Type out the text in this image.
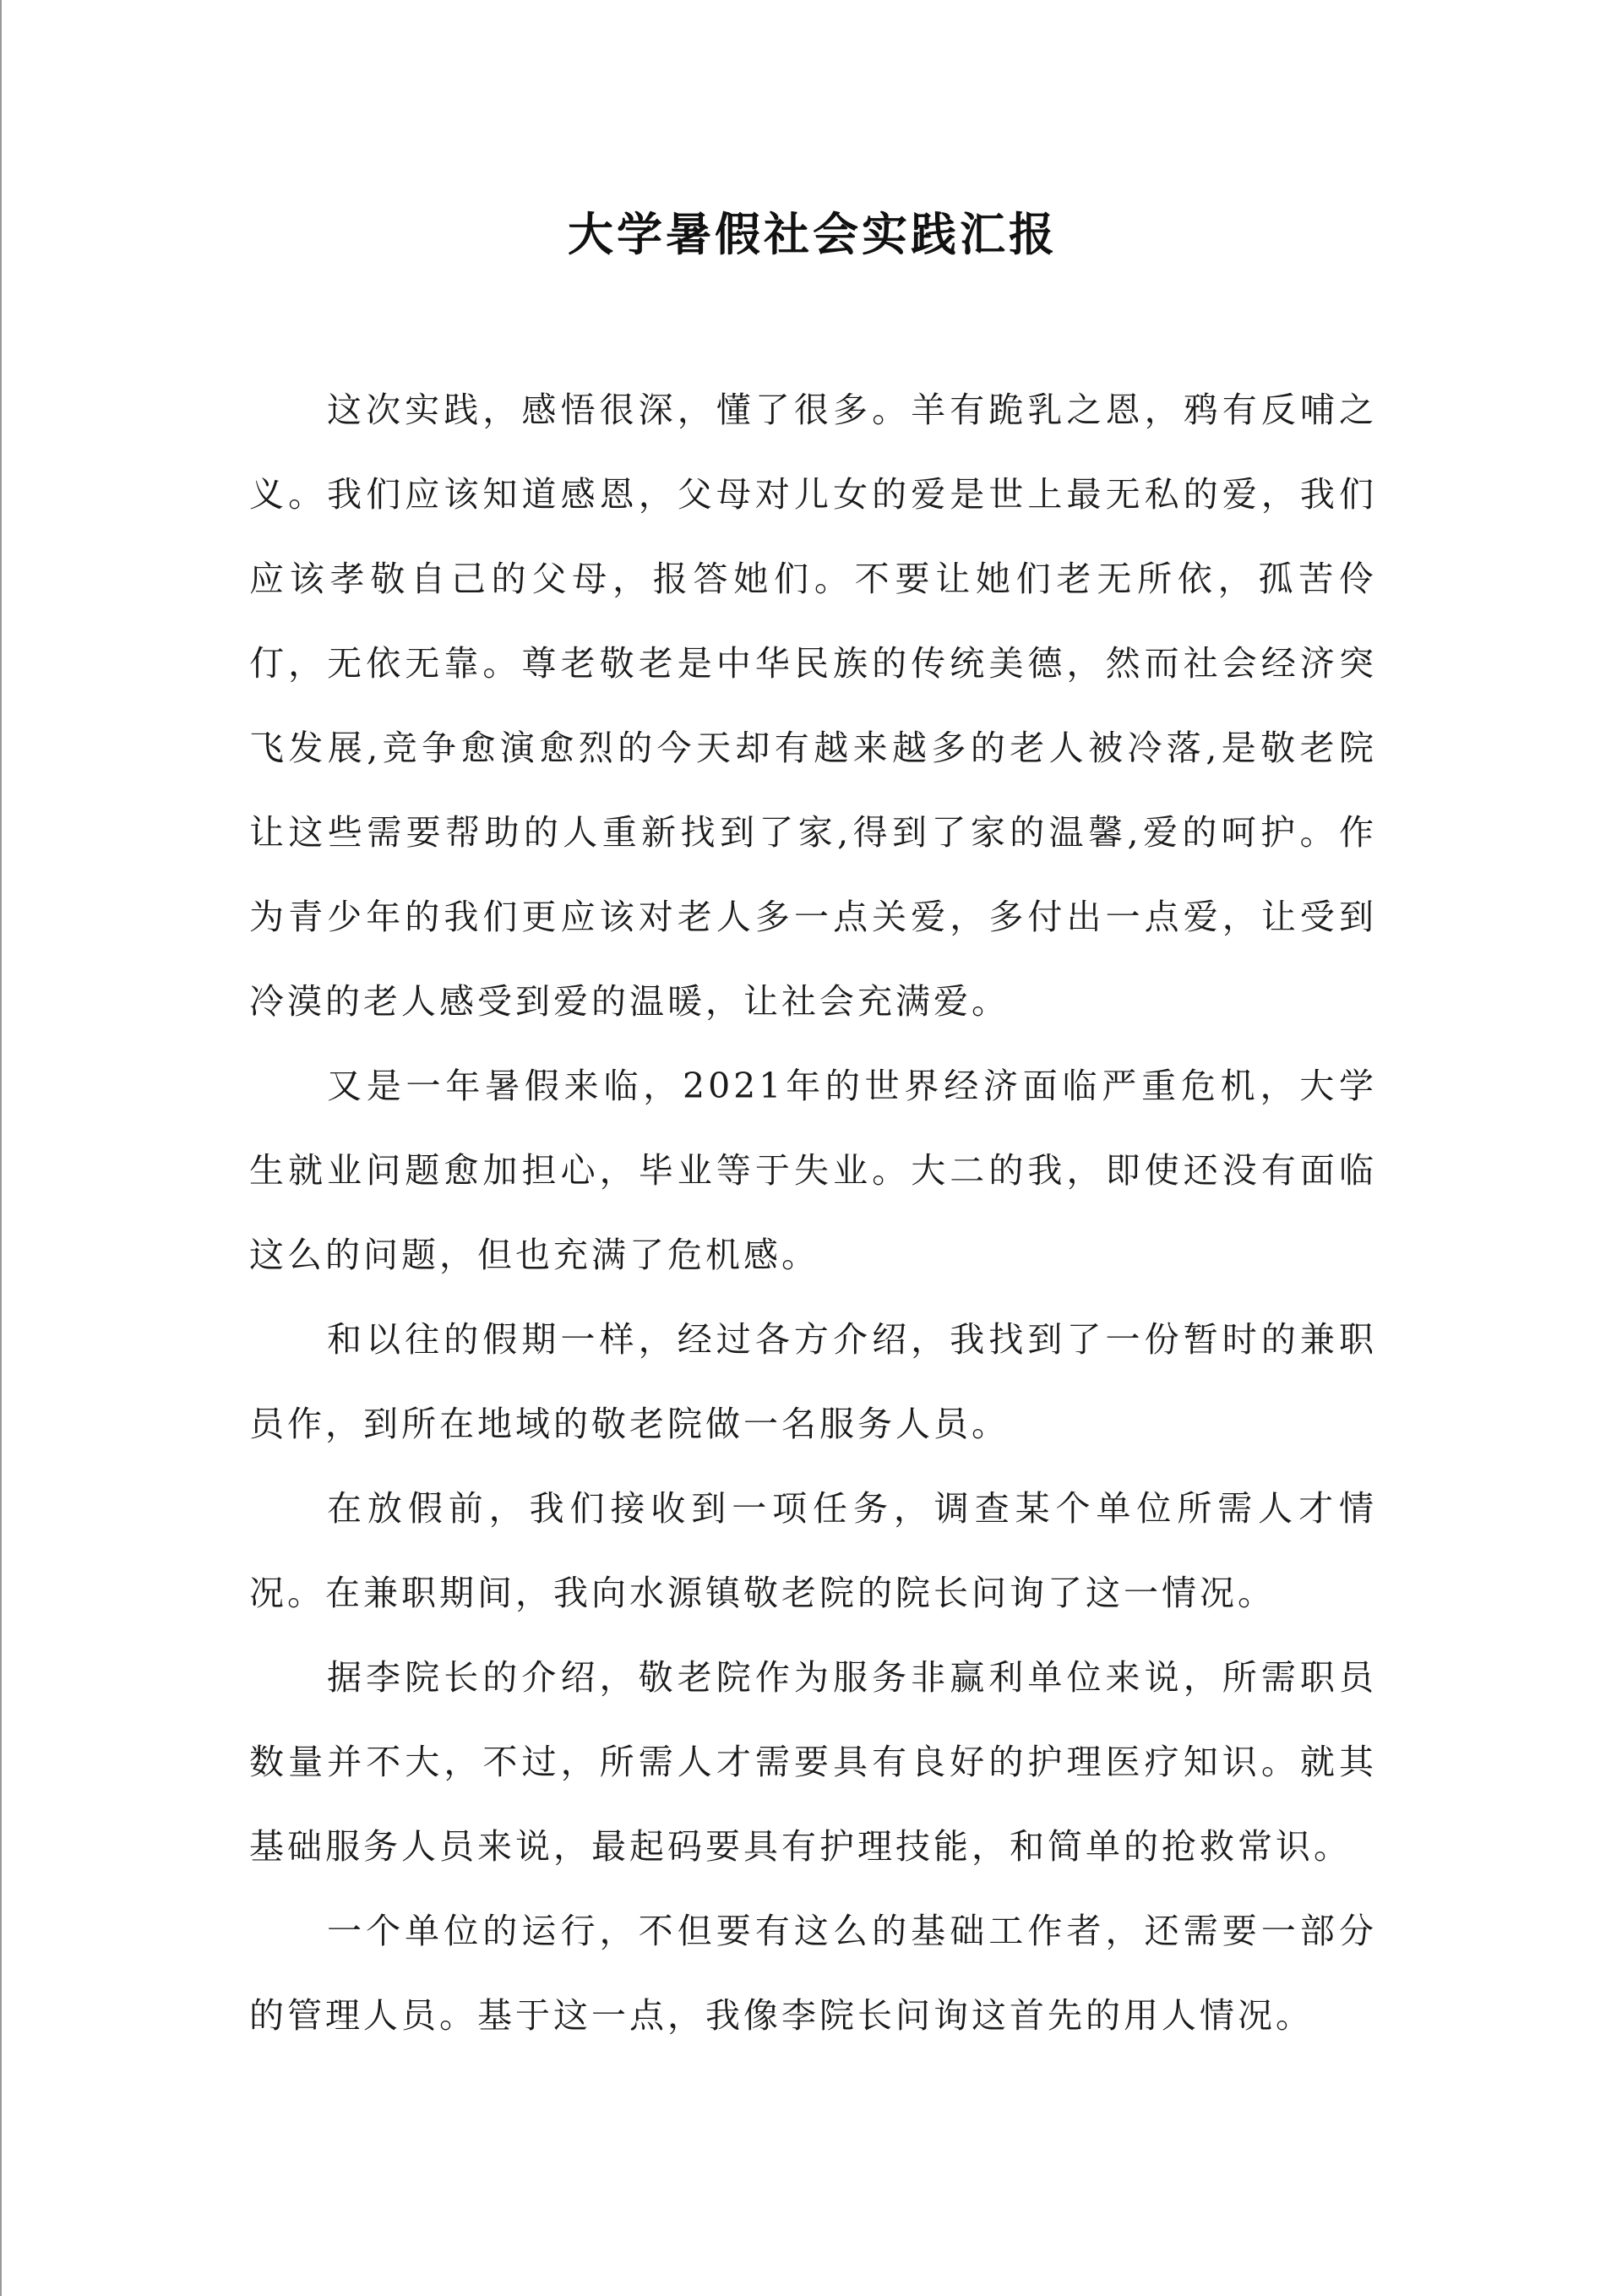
大学暑假社会实践汇报

这次实践，感悟很深，懂了很多。羊有跪乳之恩，鸦有反哺之义。我们应该知道感恩，父母对儿女的爱是世上最无私的爱，我们应该孝敬自己的父母，报答她们。不要让她们老无所依，孤苦伶仃，无依无靠。尊老敬老是中华民族的传统美德，然而社会经济突飞发展,竞争愈演愈烈的今天却有越来越多的老人被冷落,是敬老院让这些需要帮助的人重新找到了家,得到了家的温馨,爱的呵护。作为青少年的我们更应该对老人多一点关爱，多付出一点爱，让受到冷漠的老人感受到爱的温暖，让社会充满爱。

又是一年暑假来临，2021年的世界经济面临严重危机，大学生就业问题愈加担心，毕业等于失业。大二的我，即使还没有面临这么的问题，但也充满了危机感。

和以往的假期一样，经过各方介绍，我找到了一份暂时的兼职员作，到所在地域的敬老院做一名服务人员。

在放假前，我们接收到一项任务，调查某个单位所需人才情况。在兼职期间，我向水源镇敬老院的院长问询了这一情况。

据李院长的介绍，敬老院作为服务非赢利单位来说，所需职员数量并不大，不过，所需人才需要具有良好的护理医疗知识。就其基础服务人员来说，最起码要具有护理技能，和简单的抢救常识。

一个单位的运行，不但要有这么的基础工作者，还需要一部分的管理人员。基于这一点，我像李院长问询这首先的用人情况。
